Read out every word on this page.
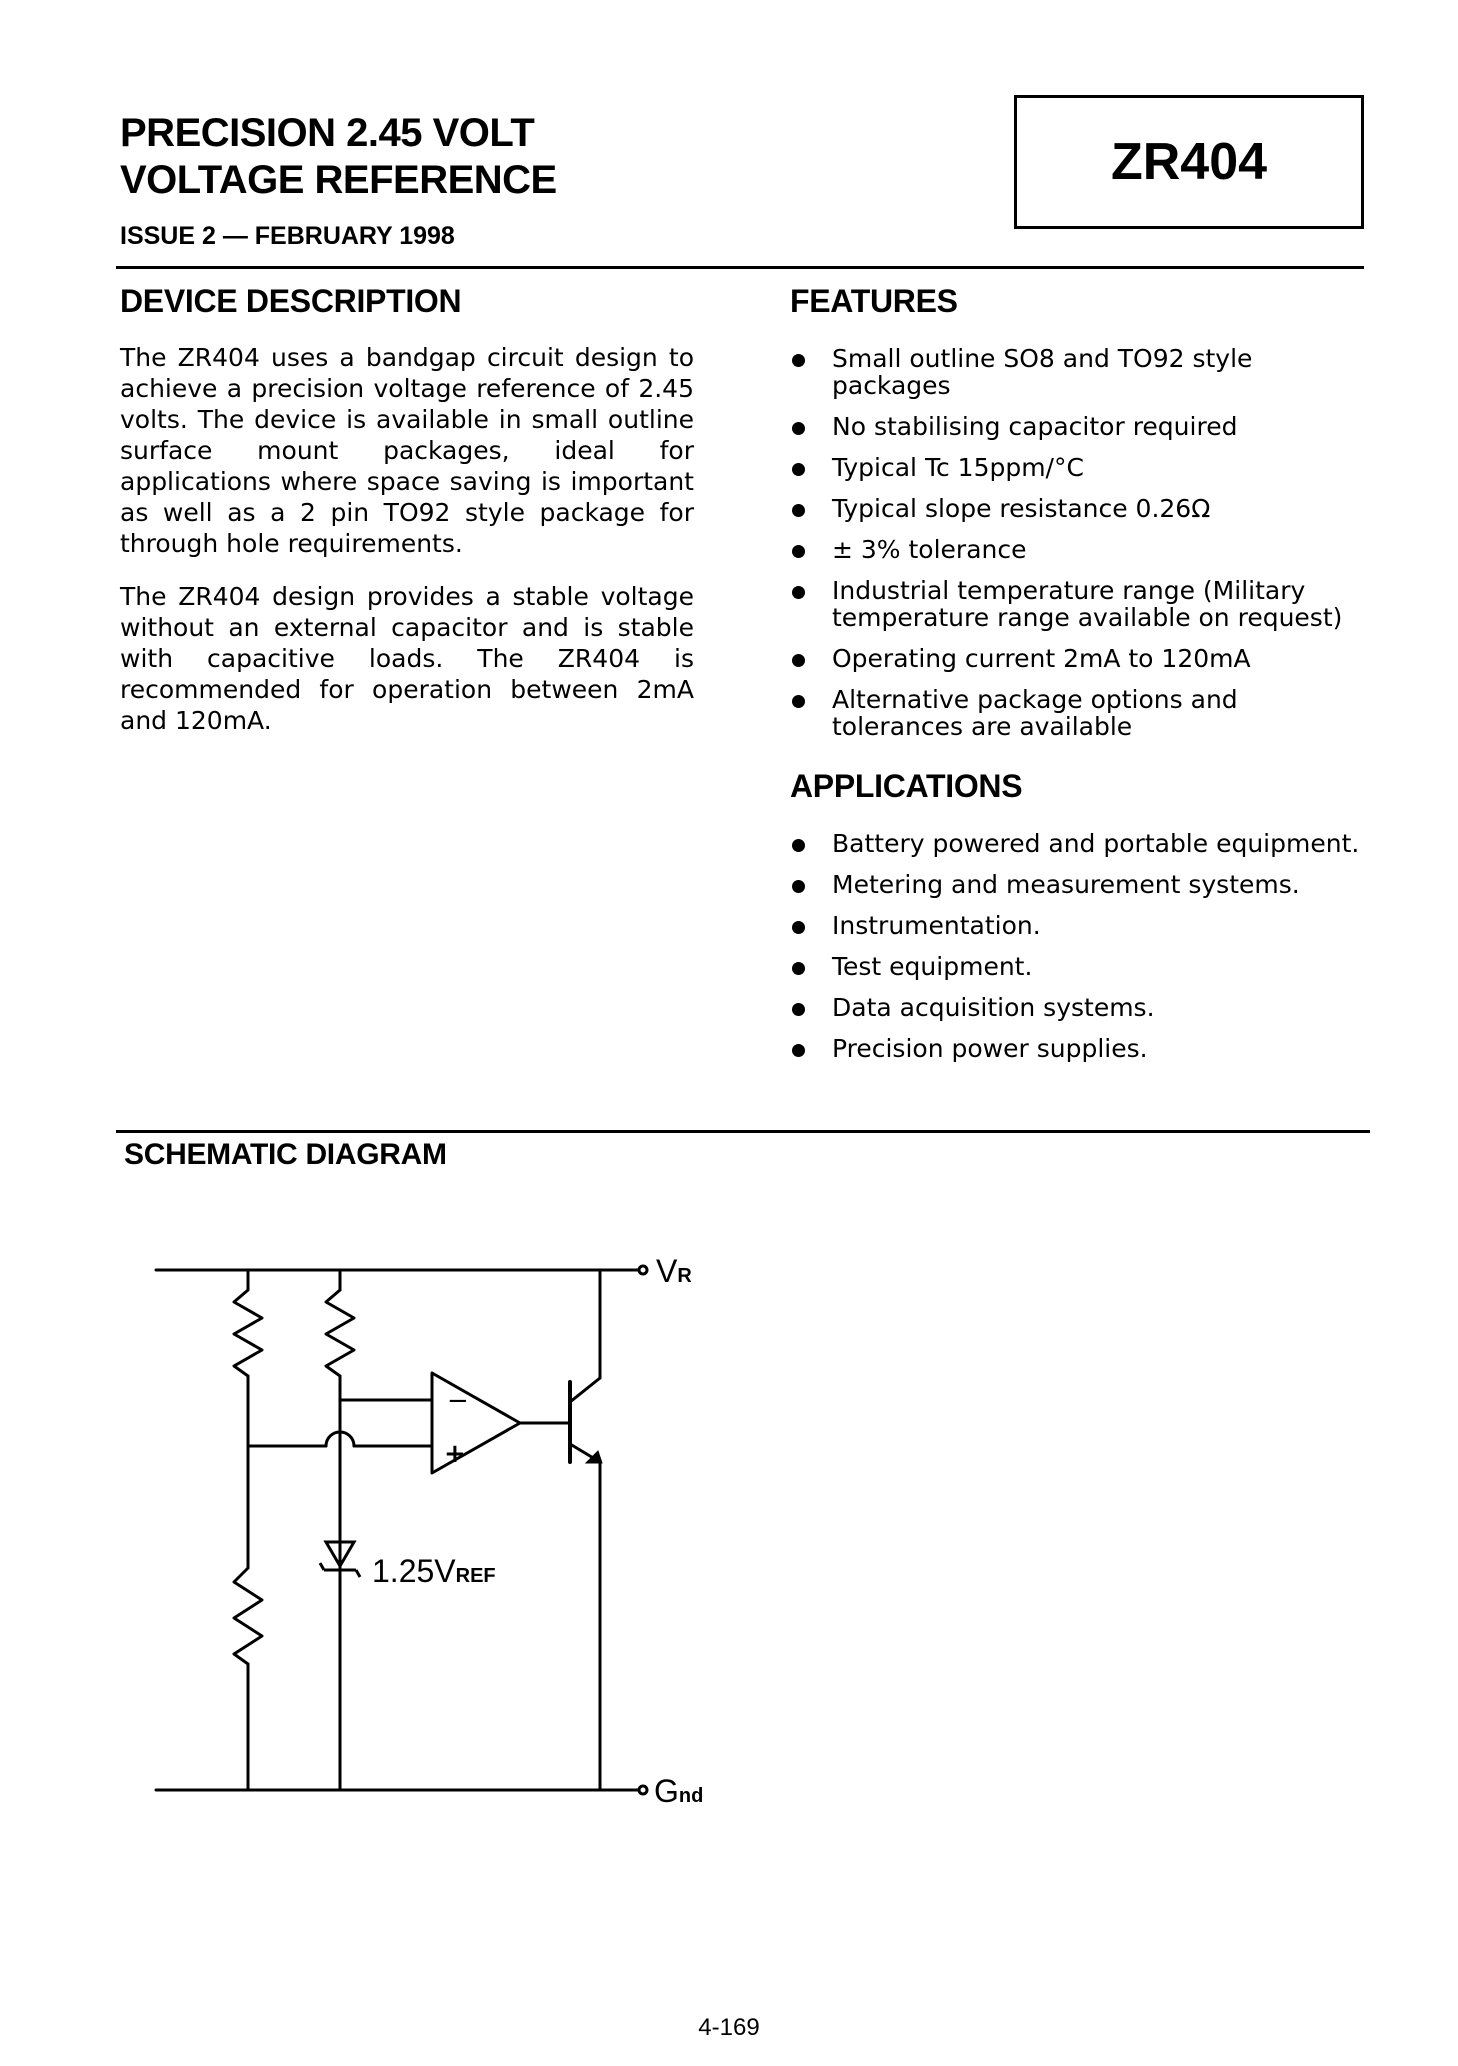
PRECISION 2.45 VOLT
VOLTAGE REFERENCE
ISSUE 2 — FEBRUARY 1998
ZR404
DEVICE DESCRIPTION

The ZR404 uses a bandgap circuit design to achieve a precision voltage reference of 2.45 volts. The device is available in small outline surface mount packages, ideal for applications where space saving is important as well as a 2 pin TO92 style package for through hole requirements.

The ZR404 design provides a stable voltage without an external capacitor and is stable with capacitive loads. The ZR404 is recommended for operation between 2mA and 120mA.

FEATURES
Small outline SO8 and TO92 style packages
No stabilising capacitor required
Typical Tc 15ppm/°C
Typical slope resistance 0.26Ω
± 3% tolerance
Industrial temperature range (Military temperature range available on request)
Operating current 2mA to 120mA
Alternative package options and tolerances are available
APPLICATIONS
Battery powered and portable equipment.
Metering and measurement systems.
Instrumentation.
Test equipment.
Data acquisition systems.
Precision power supplies.
SCHEMATIC DIAGRAM
−
+
VR
Gnd
1.25VREF
4-169
